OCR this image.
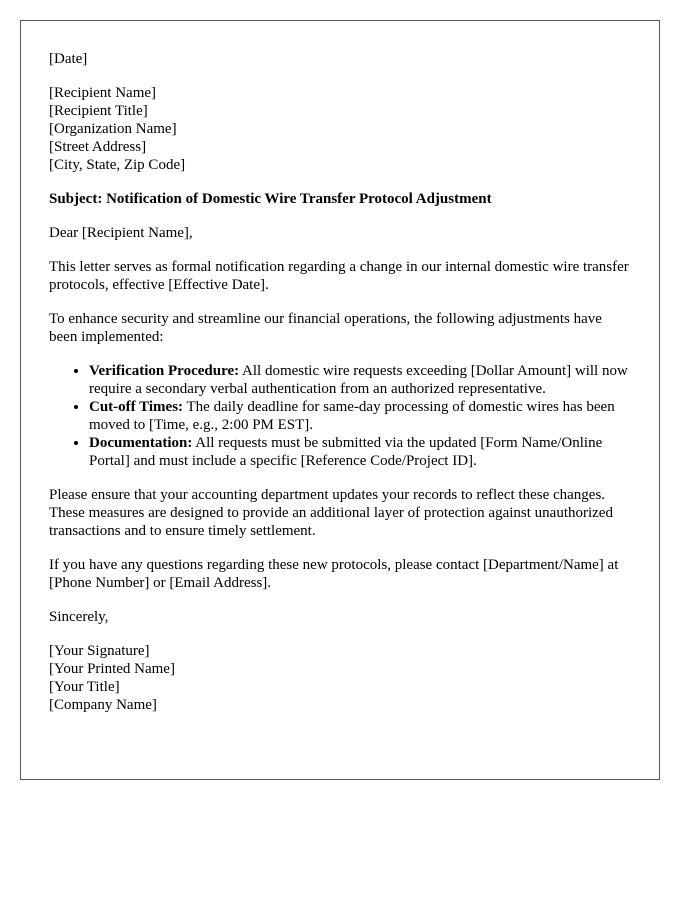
[Date]

[Recipient Name]
[Recipient Title]
[Organization Name]
[Street Address]
[City, State, Zip Code]

Subject: Notification of Domestic Wire Transfer Protocol Adjustment

Dear [Recipient Name],

This letter serves as formal notification regarding a change in our internal domestic wire transfer protocols, effective [Effective Date].

To enhance security and streamline our financial operations, the following adjustments have been implemented:

• Verification Procedure: All domestic wire requests exceeding [Dollar Amount] will now require a secondary verbal authentication from an authorized representative.
• Cut-off Times: The daily deadline for same-day processing of domestic wires has been moved to [Time, e.g., 2:00 PM EST].
• Documentation: All requests must be submitted via the updated [Form Name/Online Portal] and must include a specific [Reference Code/Project ID].

Please ensure that your accounting department updates your records to reflect these changes. These measures are designed to provide an additional layer of protection against unauthorized transactions and to ensure timely settlement.

If you have any questions regarding these new protocols, please contact [Department/Name] at [Phone Number] or [Email Address].

Sincerely,

[Your Signature]
[Your Printed Name]
[Your Title]
[Company Name]
